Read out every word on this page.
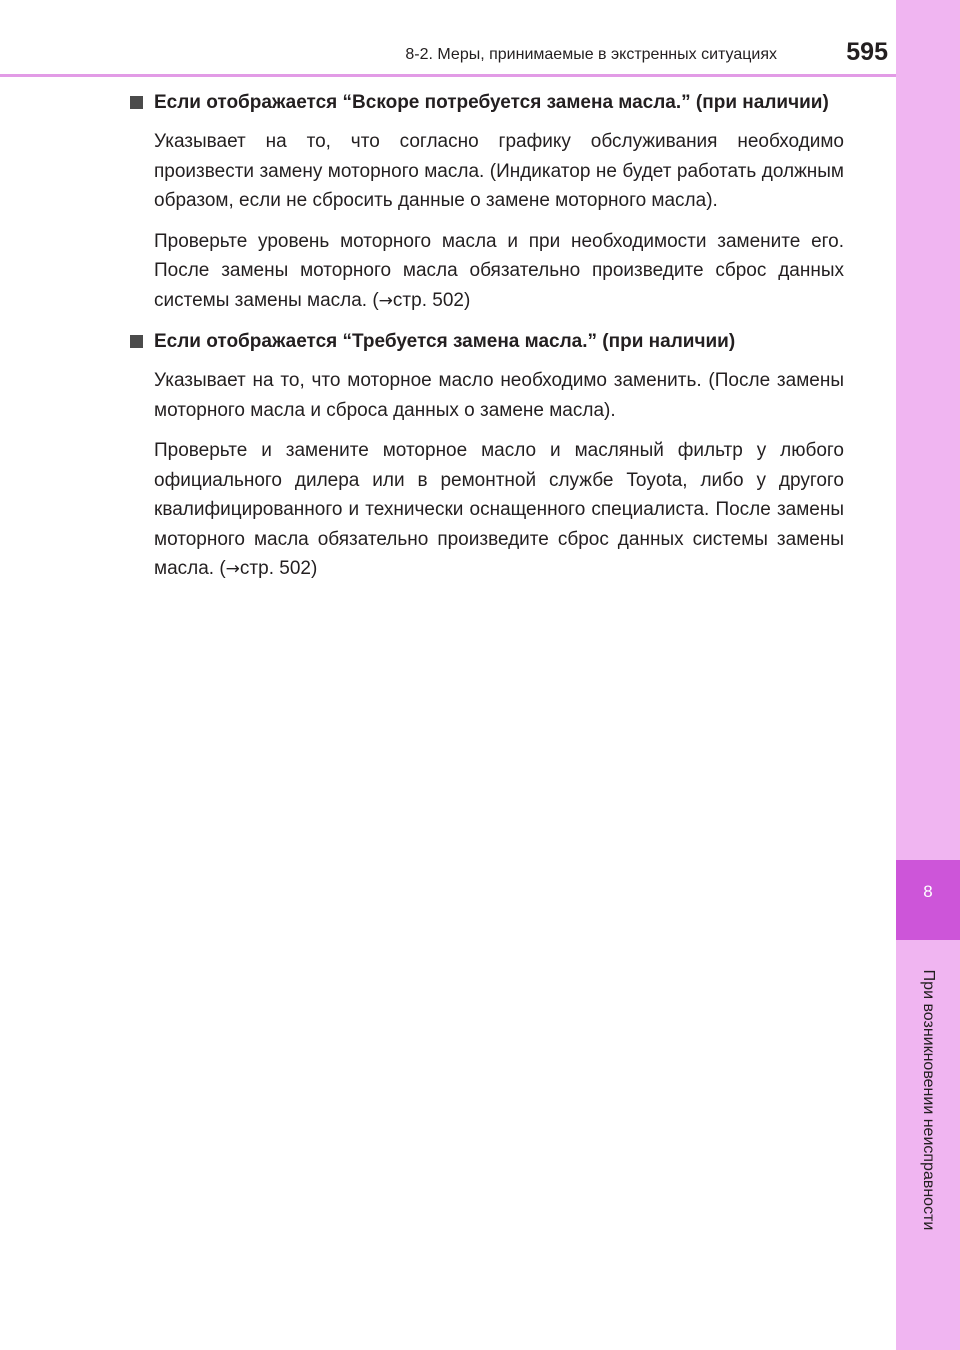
8-2. Меры, принимаемые в экстренных ситуациях	595
8
При возникновении неисправности
Если отображается “Вскоре потребуется замена масла.” (при наличии)

Указывает на то, что согласно графику обслуживания необходимо произвести замену моторного масла. (Индикатор не будет работать должным образом, если не сбросить данные о замене моторного масла).

Проверьте уровень моторного масла и при необходимости замените его. После замены моторного масла обязательно произведите сброс данных системы замены масла. (→стр. 502)

Если отображается “Требуется замена масла.” (при наличии)

Указывает на то, что моторное масло необходимо заменить. (После замены моторного масла и сброса данных о замене масла).

Проверьте и замените моторное масло и масляный фильтр у любого официального дилера или в ремонтной службе Toyota, либо у другого квалифицированного и технически оснащенного специалиста. После замены моторного масла обязательно произведите сброс данных системы замены масла. (→стр. 502)
